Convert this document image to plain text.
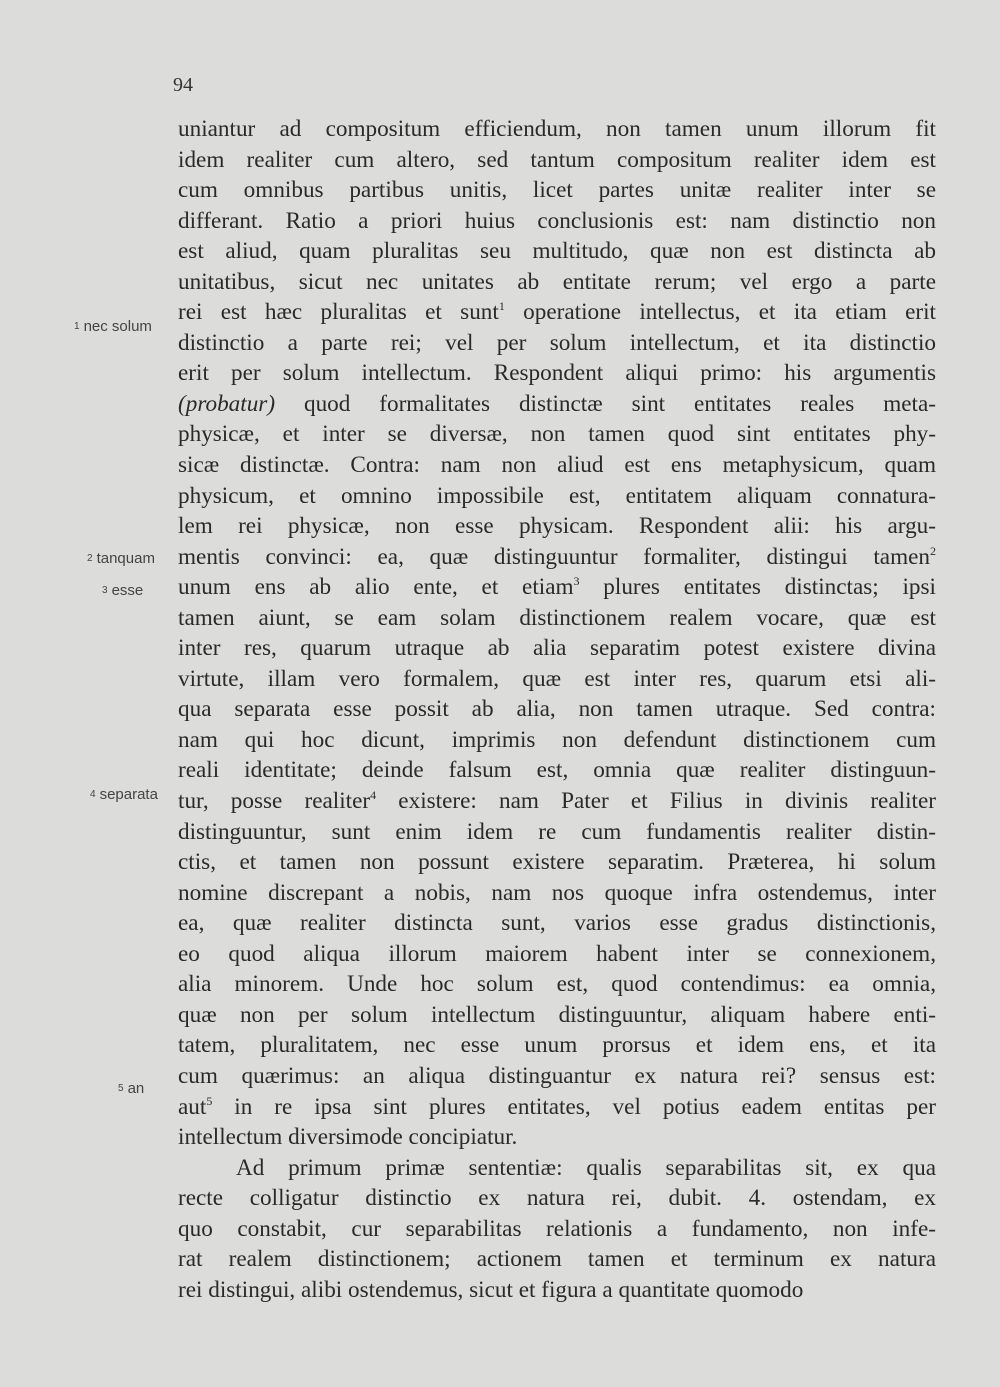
94
1 nec solum
2 tanquam
3 esse
4 separata
5 an
uniantur ad compositum efficiendum, non tamen unum illorum fit
idem realiter cum altero, sed tantum compositum realiter idem est
cum omnibus partibus unitis, licet partes unitæ realiter inter se
differant. Ratio a priori huius conclusionis est: nam distinctio non
est aliud, quam pluralitas seu multitudo, quæ non est distincta ab
unitatibus, sicut nec unitates ab entitate rerum; vel ergo a parte
rei est hæc pluralitas et sunt$^1$ operatione intellectus, et ita etiam erit
distinctio a parte rei; vel per solum intellectum, et ita distinctio
erit per solum intellectum. Respondent aliqui primo: his argumentis
(probatur) quod formalitates distinctæ sint entitates reales meta-
physicæ, et inter se diversæ, non tamen quod sint entitates phy-
sicæ distinctæ. Contra: nam non aliud est ens metaphysicum, quam
physicum, et omnino impossibile est, entitatem aliquam connatura-
lem rei physicæ, non esse physicam. Respondent alii: his argu-
mentis convinci: ea, quæ distinguuntur formaliter, distingui tamen$^2$
unum ens ab alio ente, et etiam$^3$ plures entitates distinctas; ipsi
tamen aiunt, se eam solam distinctionem realem vocare, quæ est
inter res, quarum utraque ab alia separatim potest existere divina
virtute, illam vero formalem, quæ est inter res, quarum etsi ali-
qua separata esse possit ab alia, non tamen utraque. Sed contra:
nam qui hoc dicunt, imprimis non defendunt distinctionem cum
reali identitate; deinde falsum est, omnia quæ realiter distinguun-
tur, posse realiter$^4$ existere: nam Pater et Filius in divinis realiter
distinguuntur, sunt enim idem re cum fundamentis realiter distin-
ctis, et tamen non possunt existere separatim. Præterea, hi solum
nomine discrepant a nobis, nam nos quoque infra ostendemus, inter
ea, quæ realiter distincta sunt, varios esse gradus distinctionis,
eo quod aliqua illorum maiorem habent inter se connexionem,
alia minorem. Unde hoc solum est, quod contendimus: ea omnia,
quæ non per solum intellectum distinguuntur, aliquam habere enti-
tatem, pluralitatem, nec esse unum prorsus et idem ens, et ita
cum quærimus: an aliqua distinguantur ex natura rei? sensus est:
aut$^5$ in re ipsa sint plures entitates, vel potius eadem entitas per
intellectum diversimode concipiatur.
Ad primum primæ sententiæ: qualis separabilitas sit, ex qua
recte colligatur distinctio ex natura rei, dubit. 4. ostendam, ex
quo constabit, cur separabilitas relationis a fundamento, non infe-
rat realem distinctionem; actionem tamen et terminum ex natura
rei distingui, alibi ostendemus, sicut et figura a quantitate quomodo
